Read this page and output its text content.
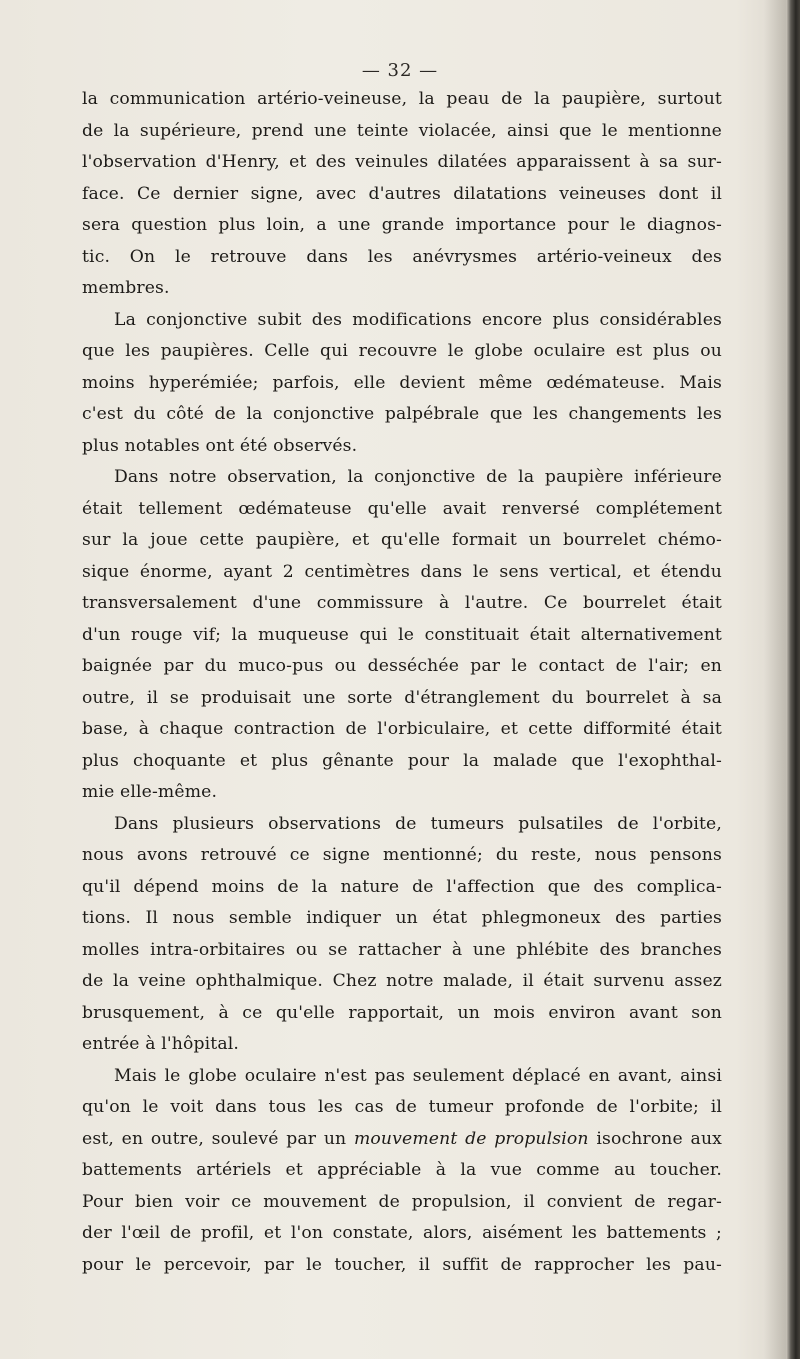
— 32 —
la communication artério-veineuse, la peau de la paupière, surtout
de la supérieure, prend une teinte violacée, ainsi que le mentionne
l'observation d'Henry, et des veinules dilatées apparaissent à sa sur-
face. Ce dernier signe, avec d'autres dilatations veineuses dont il
sera question plus loin, a une grande importance pour le diagnos-
tic. On le retrouve dans les anévrysmes artério-veineux des
membres.
La conjonctive subit des modifications encore plus considérables
que les paupières. Celle qui recouvre le globe oculaire est plus ou
moins hyperémiée; parfois, elle devient même œdémateuse. Mais
c'est du côté de la conjonctive palpébrale que les changements les
plus notables ont été observés.
Dans notre observation, la conjonctive de la paupière inférieure
était tellement œdémateuse qu'elle avait renversé complétement
sur la joue cette paupière, et qu'elle formait un bourrelet chémo-
sique énorme, ayant 2 centimètres dans le sens vertical, et étendu
transversalement d'une commissure à l'autre. Ce bourrelet était
d'un rouge vif; la muqueuse qui le constituait était alternativement
baignée par du muco-pus ou desséchée par le contact de l'air; en
outre, il se produisait une sorte d'étranglement du bourrelet à sa
base, à chaque contraction de l'orbiculaire, et cette difformité était
plus choquante et plus gênante pour la malade que l'exophthal-
mie elle-même.
Dans plusieurs observations de tumeurs pulsatiles de l'orbite,
nous avons retrouvé ce signe mentionné; du reste, nous pensons
qu'il dépend moins de la nature de l'affection que des complica-
tions. Il nous semble indiquer un état phlegmoneux des parties
molles intra-orbitaires ou se rattacher à une phlébite des branches
de la veine ophthalmique. Chez notre malade, il était survenu assez
brusquement, à ce qu'elle rapportait, un mois environ avant son
entrée à l'hôpital.
Mais le globe oculaire n'est pas seulement déplacé en avant, ainsi
qu'on le voit dans tous les cas de tumeur profonde de l'orbite; il
est, en outre, soulevé par un mouvement de propulsion isochrone aux
battements artériels et appréciable à la vue comme au toucher.
Pour bien voir ce mouvement de propulsion, il convient de regar-
der l'œil de profil, et l'on constate, alors, aisément les battements ;
pour le percevoir, par le toucher, il suffit de rapprocher les pau-
